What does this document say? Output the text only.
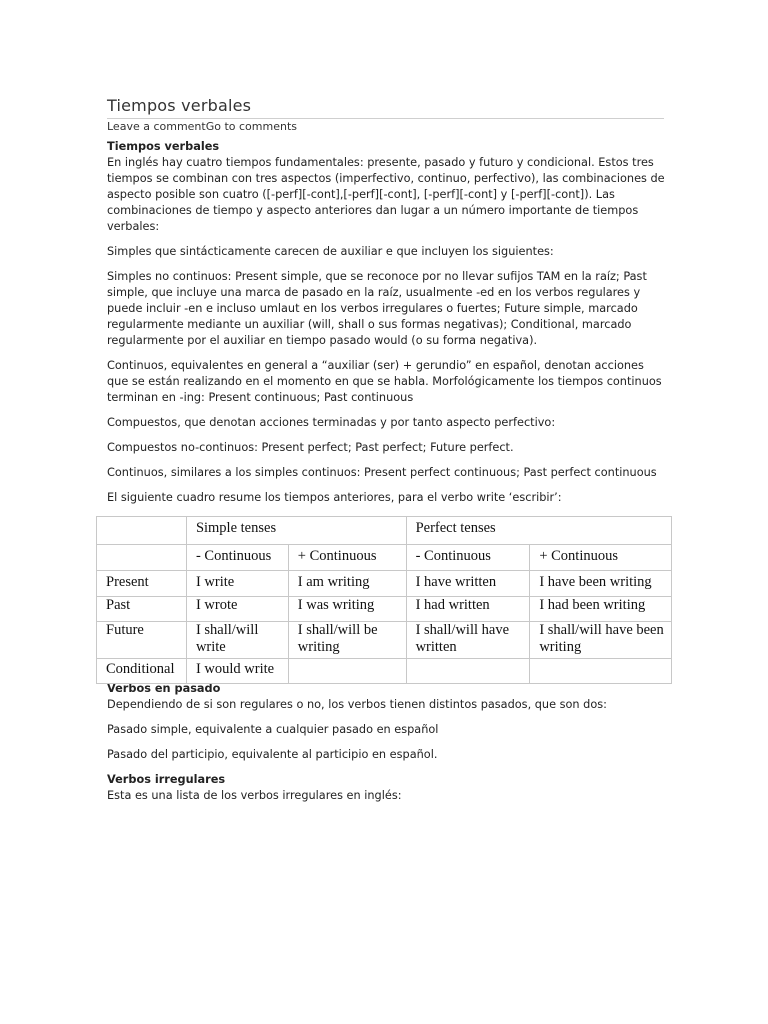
Tiempos verbales
Leave a commentGo to comments
Tiempos verbales

En inglés hay cuatro tiempos fundamentales: presente, pasado y futuro y condicional. Estos tres tiempos se combinan con tres aspectos (imperfectivo, continuo, perfectivo), las combinaciones de aspecto posible son cuatro ([-perf][-cont],[-perf][-cont], [-perf][-cont] y [-perf][-cont]). Las combinaciones de tiempo y aspecto anteriores dan lugar a un número importante de tiempos verbales:

Simples que sintácticamente carecen de auxiliar e que incluyen los siguientes:

Simples no continuos: Present simple, que se reconoce por no llevar sufijos TAM en la raíz; Past simple, que incluye una marca de pasado en la raíz, usualmente -ed en los verbos regulares y puede incluir -en e incluso umlaut en los verbos irregulares o fuertes; Future simple, marcado regularmente mediante un auxiliar (will, shall o sus formas negativas); Conditional, marcado regularmente por el auxiliar en tiempo pasado would (o su forma negativa).

Continuos, equivalentes en general a “auxiliar (ser) + gerundio” en español, denotan acciones que se están realizando en el momento en que se habla. Morfológicamente los tiempos continuos terminan en -ing: Present continuous; Past continuous

Compuestos, que denotan acciones terminadas y por tanto aspecto perfectivo:

Compuestos no-continuos: Present perfect; Past perfect; Future perfect.

Continuos, similares a los simples continuos: Present perfect continuous; Past perfect continuous

El siguiente cuadro resume los tiempos anteriores, para el verbo write ‘escribir’:

Verbos en pasado

Dependiendo de si son regulares o no, los verbos tienen distintos pasados, que son dos:

Pasado simple, equivalente a cualquier pasado en español

Pasado del participio, equivalente al participio en español.

Verbos irregulares

Esta es una lista de los verbos irregulares en inglés:

	Simple tenses		Perfect tenses	
	- Continuous	+ Continuous	- Continuous	+ Continuous
Present	I write	I am writing	I have written	I have been writing
Past	I wrote	I was writing	I had written	I had been writing
Future	I shall/will write	I shall/will be writing	I shall/will have written	I shall/will have been writing
Conditional	I would write			
